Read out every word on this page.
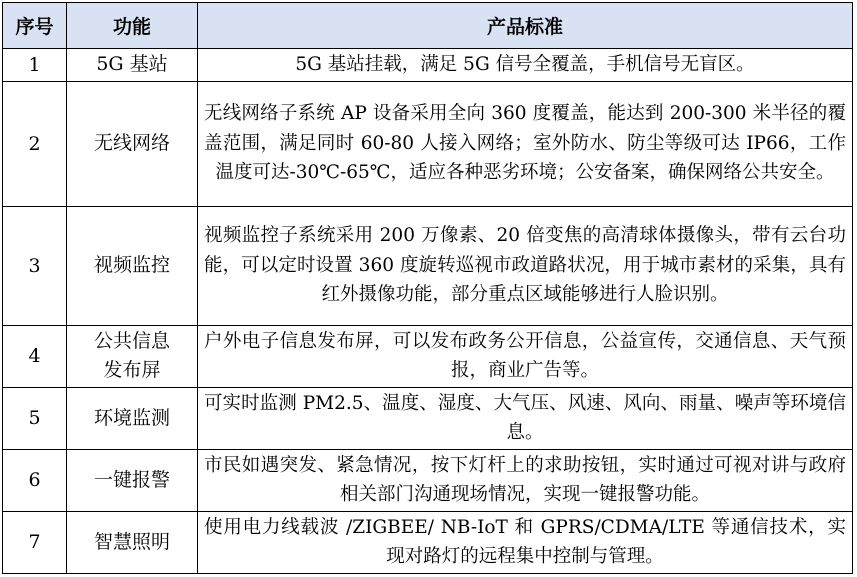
序号	功能	产品标准
1	5G 基站	5G 基站挂载，满足 5G 信号全覆盖，手机信号无盲区。
2	无线网络	无线网络子系统 AP 设备采用全向 360 度覆盖，能达到 200-300 米半径的覆盖范围，满足同时 60-80 人接入网络；室外防水、防尘等级可达 IP66，工作温度可达-30℃-65℃，适应各种恶劣环境；公安备案，确保网络公共安全。
3	视频监控	视频监控子系统采用 200 万像素、20 倍变焦的高清球体摄像头，带有云台功能，可以定时设置 360 度旋转巡视市政道路状况，用于城市素材的采集，具有红外摄像功能，部分重点区域能够进行人脸识别。
4	公共信息发布屏	户外电子信息发布屏，可以发布政务公开信息，公益宣传，交通信息、天气预报，商业广告等。
5	环境监测	可实时监测 PM2.5、温度、湿度、大气压、风速、风向、雨量、噪声等环境信息。
6	一键报警	市民如遇突发、紧急情况，按下灯杆上的求助按钮，实时通过可视对讲与政府相关部门沟通现场情况，实现一键报警功能。
7	智慧照明	使用电力线载波 /ZIGBEE/ NB-IoT 和 GPRS/CDMA/LTE 等通信技术，实现对路灯的远程集中控制与管理。
